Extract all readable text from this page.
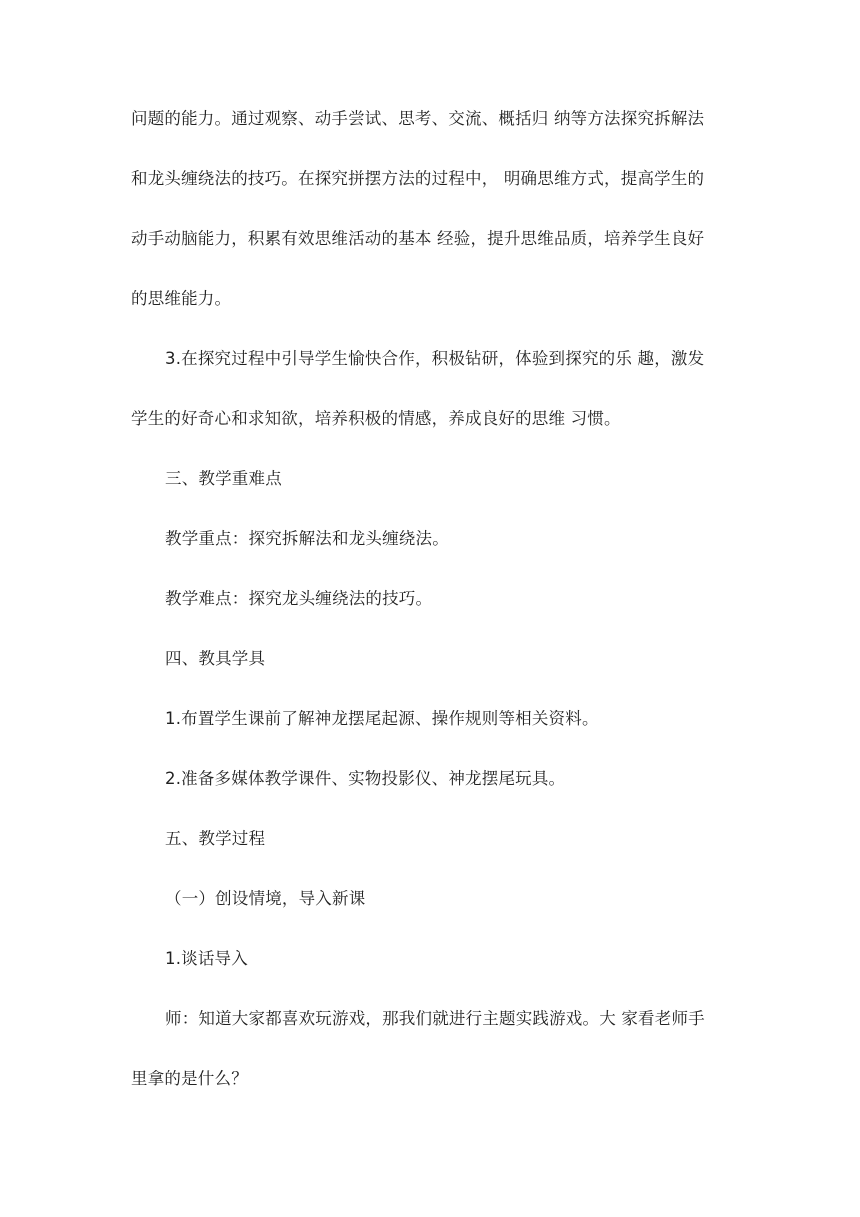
问题的能力。通过观察、动手尝试、思考、交流、概括归 纳等方法探究拆解法
和龙头缠绕法的技巧。在探究拼摆方法的过程中， 明确思维方式，提高学生的
动手动脑能力，积累有效思维活动的基本 经验，提升思维品质，培养学生良好
的思维能力。
3.在探究过程中引导学生愉快合作，积极钻研，体验到探究的乐 趣，激发
学生的好奇心和求知欲，培养积极的情感，养成良好的思维 习惯。
三、教学重难点
教学重点：探究拆解法和龙头缠绕法。
教学难点：探究龙头缠绕法的技巧。
四、教具学具
1.布置学生课前了解神龙摆尾起源、操作规则等相关资料。
2.准备多媒体教学课件、实物投影仪、神龙摆尾玩具。
五、教学过程
（一）创设情境，导入新课
1.谈话导入
师：知道大家都喜欢玩游戏，那我们就进行主题实践游戏。大 家看老师手
里拿的是什么？
